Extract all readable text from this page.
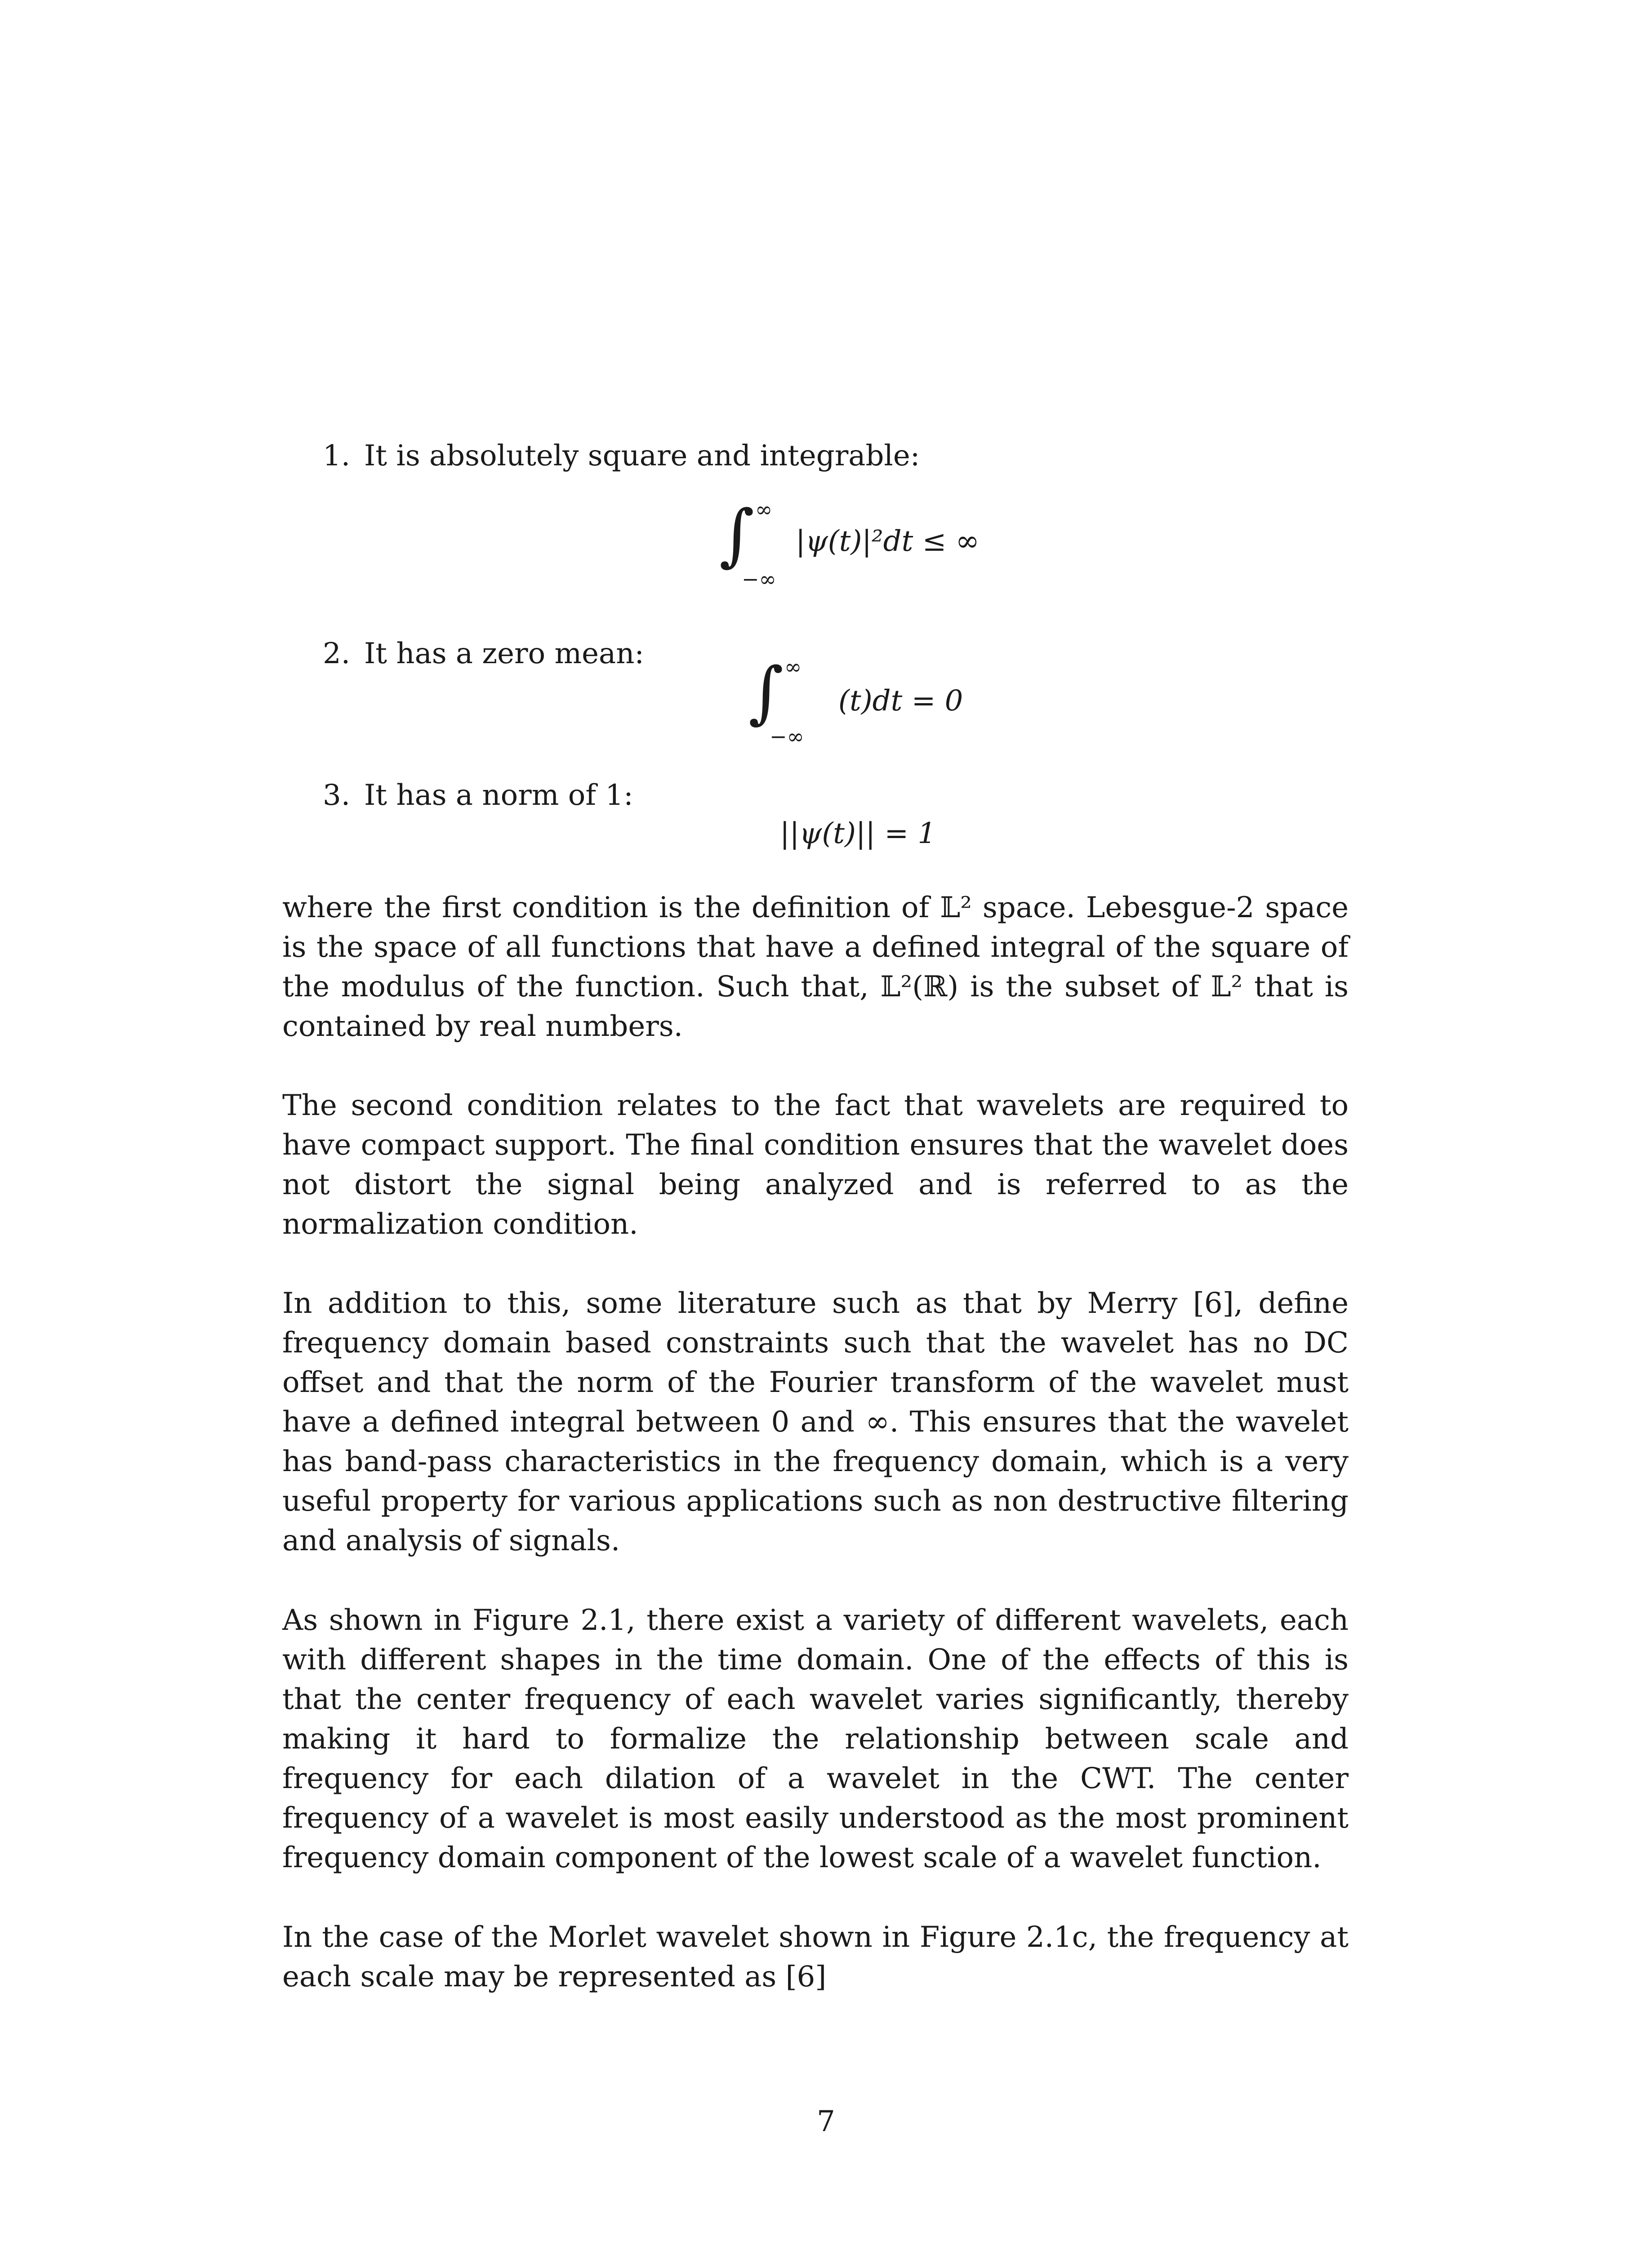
1. It is absolutely square and integrable:
∫ ∞
−∞
|ψ(t)|²dt ≤ ∞
2. It has a zero mean: ∫ ∞
−∞
(t)dt = 0
3. It has a norm of 1:
||ψ(t)|| = 1

where the first condition is the definition of 𝕃² space. Lebesgue-2 space is the space of all functions that have a defined integral of the square of the modulus of the function. Such that, 𝕃²(ℝ) is the subset of 𝕃² that is contained by real numbers.

The second condition relates to the fact that wavelets are required to have compact support. The final condition ensures that the wavelet does not distort the signal being analyzed and is referred to as the normalization condition.

In addition to this, some literature such as that by Merry [6], define frequency domain based constraints such that the wavelet has no DC offset and that the norm of the Fourier transform of the wavelet must have a defined integral between 0 and ∞. This ensures that the wavelet has band-pass characteristics in the frequency domain, which is a very useful property for various applications such as non destructive filtering and analysis of signals.

As shown in Figure 2.1, there exist a variety of different wavelets, each with different shapes in the time domain. One of the effects of this is that the center frequency of each wavelet varies significantly, thereby making it hard to formalize the relationship between scale and frequency for each dilation of a wavelet in the CWT. The center frequency of a wavelet is most easily understood as the most prominent frequency domain component of the lowest scale of a wavelet function.

In the case of the Morlet wavelet shown in Figure 2.1c, the frequency at each scale may be represented as [6]

7
